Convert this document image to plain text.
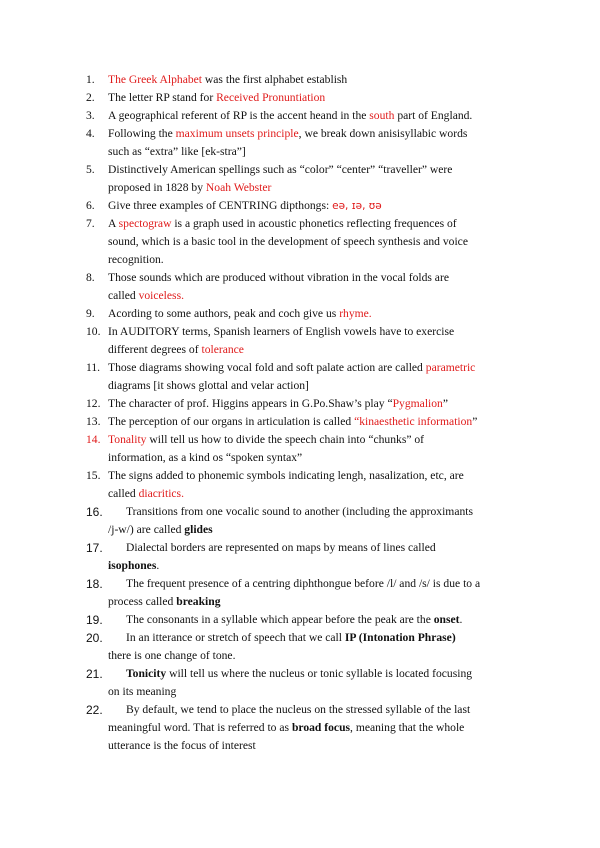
1. The Greek Alphabet was the first alphabet establish
2. The letter RP stand for Received Pronuntiation
3. A geographical referent of RP is the accent heand in the south part of England.
4. Following the maximum unsets principle, we break down anisisyllabic words
such as “extra” like [ek-stra”]
5. Distinctively American spellings such as “color” “center” “traveller” were
proposed in 1828 by Noah Webster
6. Give three examples of CENTRING dipthongs: eə, ɪə, ʊə
7. A spectograw is a graph used in acoustic phonetics reflecting frequences of
sound, which is a basic tool in the development of speech synthesis and voice
recognition.
8. Those sounds which are produced without vibration in the vocal folds are
called voiceless.
9. Acording to some authors, peak and coch give us rhyme.
10. In AUDITORY terms, Spanish learners of English vowels have to exercise
different degrees of tolerance
11. Those diagrams showing vocal fold and soft palate action are called parametric
diagrams [it shows glottal and velar action]
12. The character of prof. Higgins appears in G.Po.Shaw’s play “Pygmalion”
13. The perception of our organs in articulation is called “kinaesthetic information”
14. Tonality will tell us how to divide the speech chain into “chunks” of
information, as a kind os “spoken syntax”
15. The signs added to phonemic symbols indicating lengh, nasalization, etc, are
called diacritics.
16. Transitions from one vocalic sound to another (including the approximants
/j-w/) are called glides
17. Dialectal borders are represented on maps by means of lines called
isophones.
18. The frequent presence of a centring diphthongue before /l/ and /s/ is due to a
process called breaking
19. The consonants in a syllable which appear before the peak are the onset.
20. In an itterance or stretch of speech that we call IP (Intonation Phrase)
there is one change of tone.
21. Tonicity will tell us where the nucleus or tonic syllable is located focusing
on its meaning
22. By default, we tend to place the nucleus on the stressed syllable of the last
meaningful word. That is referred to as broad focus, meaning that the whole
utterance is the focus of interest
